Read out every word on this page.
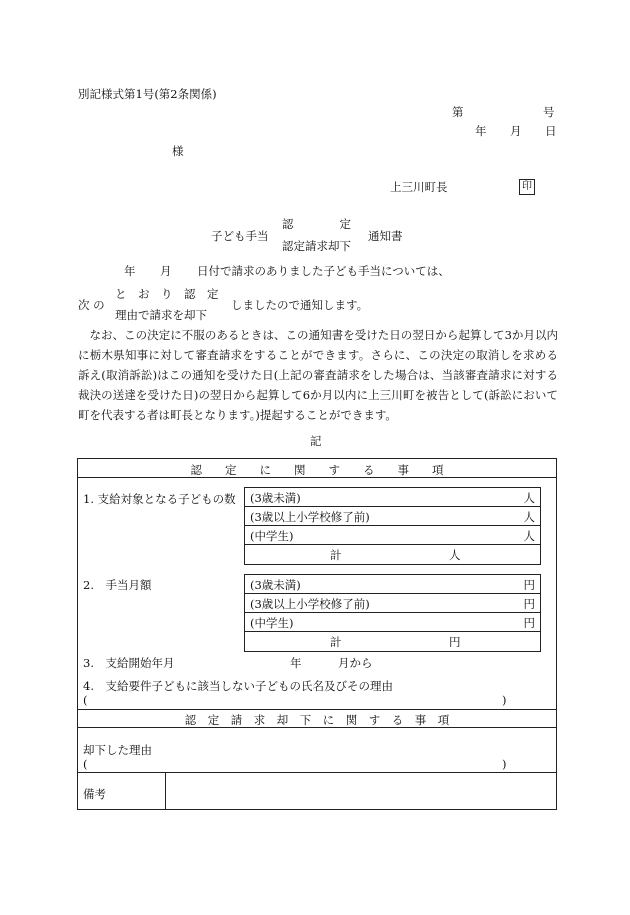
別記様式第1号(第2条関係)
第	号
年 月 日
様
上三川町長	印
子ども手当
認　　　　定
認定請求却下
通知書
年 月 日付で請求のありました子ども手当については、
次 の
と　お　り　認　定
理由で請求を却下
しましたので通知します。
　なお、この決定に不服のあるときは、この通知書を受けた日の翌日から起算して3か月以内に栃木県知事に対して審査請求をすることができます。さらに、この決定の取消しを求める訴え(取消訴訟)はこの通知を受けた日(上記の審査請求をした場合は、当該審査請求に対する裁決の送達を受けた日)の翌日から起算して6か月以内に上三川町を被告として(訴訟において町を代表する者は町長となります。)提起することができます。
記
認　　定　　に　　関　　す　　る　　事　　項
1. 支給対象となる子どもの数 (3歳未満)	人
(3歳以上小学校修了前)	人
(中学生)	人
計	人
2.　手当月額	(3歳未満)	円
(3歳以上小学校修了前)	円
(中学生)	円
計	円
3.　支給開始年月	年	月から
4.　支給要件子どもに該当しない子どもの氏名及びその理由
(	)
認　定　請　求　却　下　に　関　す　る　事　項
却下した理由
(	)
備考
